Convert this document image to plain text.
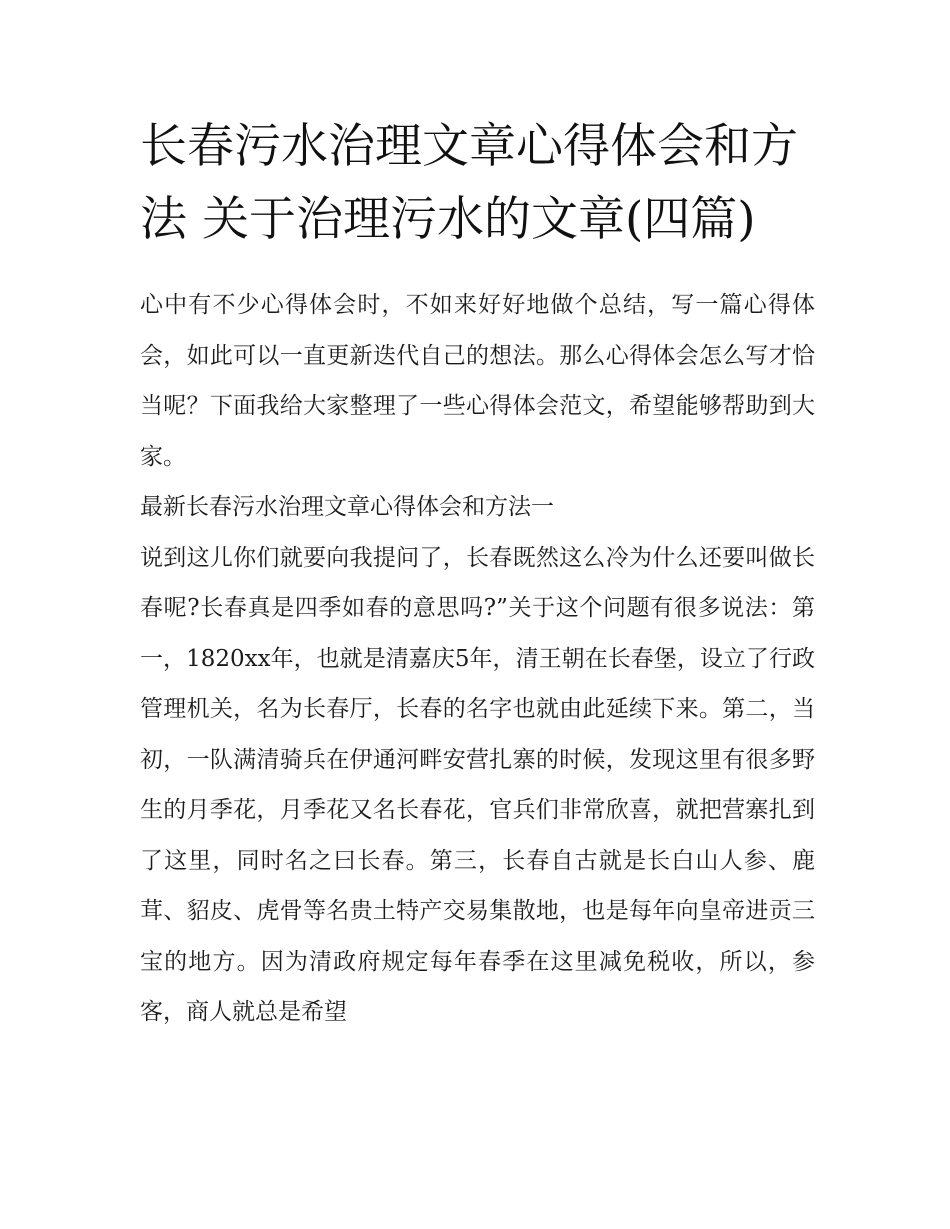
长春污水治理文章心得体会和方法 关于治理污水的文章(四篇)

心中有不少心得体会时，不如来好好地做个总结，写一篇心得体会，如此可以一直更新迭代自己的想法。那么心得体会怎么写才恰当呢？下面我给大家整理了一些心得体会范文，希望能够帮助到大家。

最新长春污水治理文章心得体会和方法一

说到这儿你们就要向我提问了，长春既然这么冷为什么还要叫做长春呢?长春真是四季如春的意思吗?”关于这个问题有很多说法：第一，1820xx年，也就是清嘉庆5年，清王朝在长春堡，设立了行政管理机关，名为长春厅，长春的名字也就由此延续下来。第二，当初，一队满清骑兵在伊通河畔安营扎寨的时候，发现这里有很多野生的月季花，月季花又名长春花，官兵们非常欣喜，就把营寨扎到了这里，同时名之曰长春。第三，长春自古就是长白山人参、鹿茸、貂皮、虎骨等名贵土特产交易集散地，也是每年向皇帝进贡三宝的地方。因为清政府规定每年春季在这里减免税收，所以，参客，商人就总是希望
